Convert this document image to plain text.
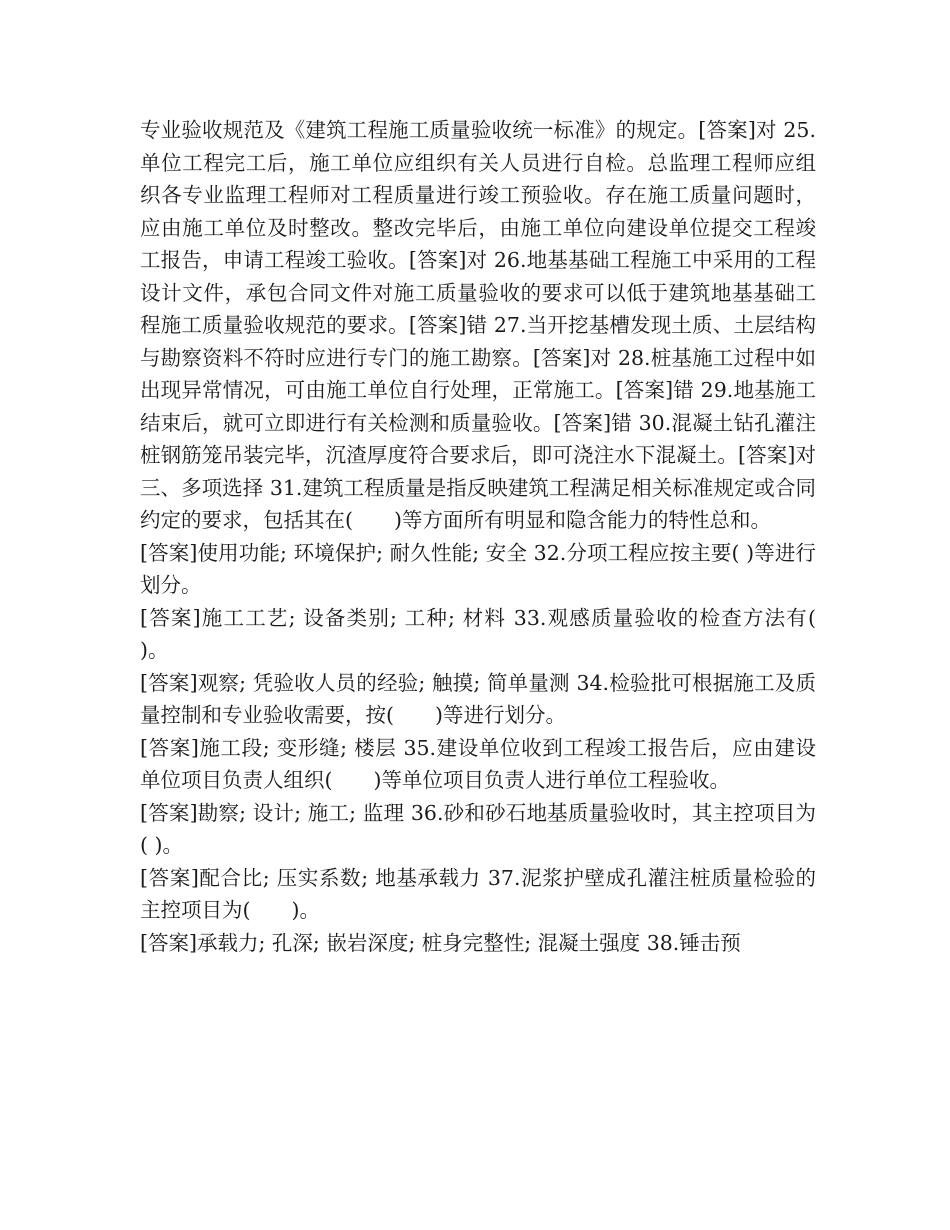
专业验收规范及《建筑工程施工质量验收统一标准》的规定。[答案]对 25.单位工程完工后，施工单位应组织有关人员进行自检。总监理工程师应组织各专业监理工程师对工程质量进行竣工预验收。存在施工质量问题时，应由施工单位及时整改。整改完毕后，由施工单位向建设单位提交工程竣工报告，申请工程竣工验收。[答案]对 26.地基基础工程施工中采用的工程设计文件，承包合同文件对施工质量验收的要求可以低于建筑地基基础工程施工质量验收规范的要求。[答案]错 27.当开挖基槽发现土质、土层结构与勘察资料不符时应进行专门的施工勘察。[答案]对 28.桩基施工过程中如出现异常情况，可由施工单位自行处理，正常施工。[答案]错 29.地基施工结束后，就可立即进行有关检测和质量验收。[答案]错 30.混凝土钻孔灌注桩钢筋笼吊装完毕，沉渣厚度符合要求后，即可浇注水下混凝土。[答案]对 三、多项选择 31.建筑工程质量是指反映建筑工程满足相关标准规定或合同约定的要求，包括其在(　　)等方面所有明显和隐含能力的特性总和。

[答案]使用功能; 环境保护; 耐久性能; 安全 32.分项工程应按主要( )等进行划分。

[答案]施工工艺; 设备类别; 工种; 材料 33.观感质量验收的检查方法有(　　)。

[答案]观察; 凭验收人员的经验; 触摸; 简单量测 34.检验批可根据施工及质量控制和专业验收需要，按(　　)等进行划分。

[答案]施工段; 变形缝; 楼层 35.建设单位收到工程竣工报告后，应由建设单位项目负责人组织(　　)等单位项目负责人进行单位工程验收。

[答案]勘察; 设计; 施工; 监理 36.砂和砂石地基质量验收时，其主控项目为( )。

[答案]配合比; 压实系数; 地基承载力 37.泥浆护壁成孔灌注桩质量检验的主控项目为(　　)。

[答案]承载力; 孔深; 嵌岩深度; 桩身完整性; 混凝土强度 38.锤击预
